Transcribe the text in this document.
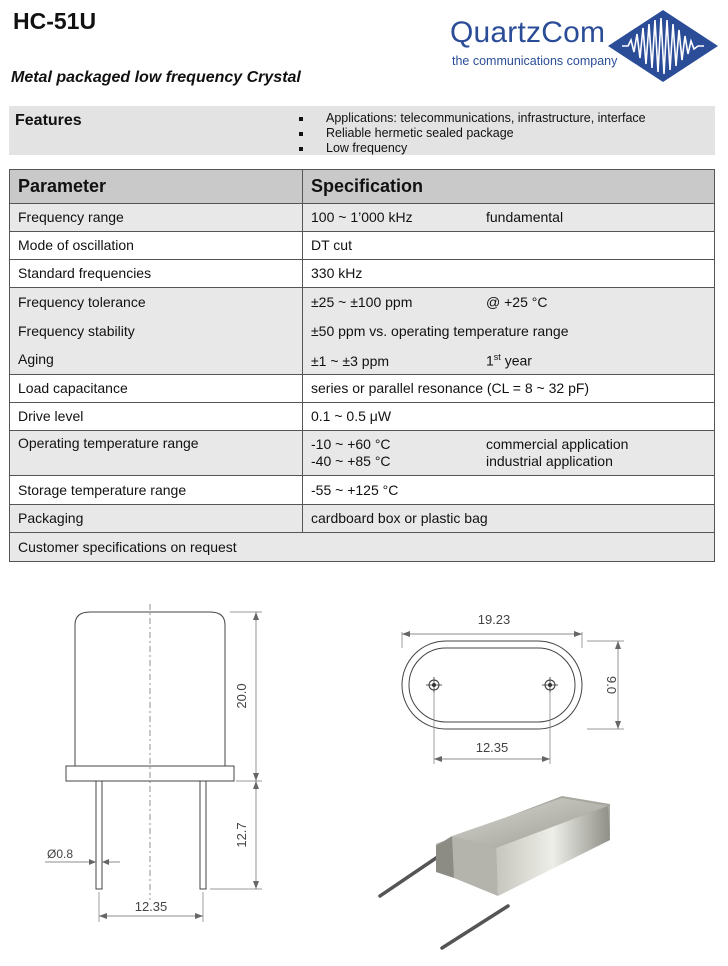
HC-51U

Metal packaged low frequency Crystal

QuartzCom
the communications company
Features	Applications: telecommunications, infrastructure, interface
Reliable hermetic sealed package
Low frequency
Parameter	Specification
Frequency range	100 ~ 1’000 kHz fundamental
Mode of oscillation	DT cut
Standard frequencies	330 kHz
Frequency tolerance	±25 ~ ±100 ppm @ +25 °C
Frequency stability	±50 ppm vs. operating temperature range
Aging	±1 ~ ±3 ppm 1st year
Load capacitance	series or parallel resonance (CL = 8 ~ 32 pF)
Drive level	0.1 ~ 0.5 μW
Operating temperature range	-10 ~ +60 °C commercial application
-40 ~ +85 °C industrial application

Storage temperature range	-55 ~ +125 °C
Packaging	cardboard box or plastic bag
Customer specifications on request	
20.0
12.7
Ø0.8
12.35
19.23
9.0
12.35
